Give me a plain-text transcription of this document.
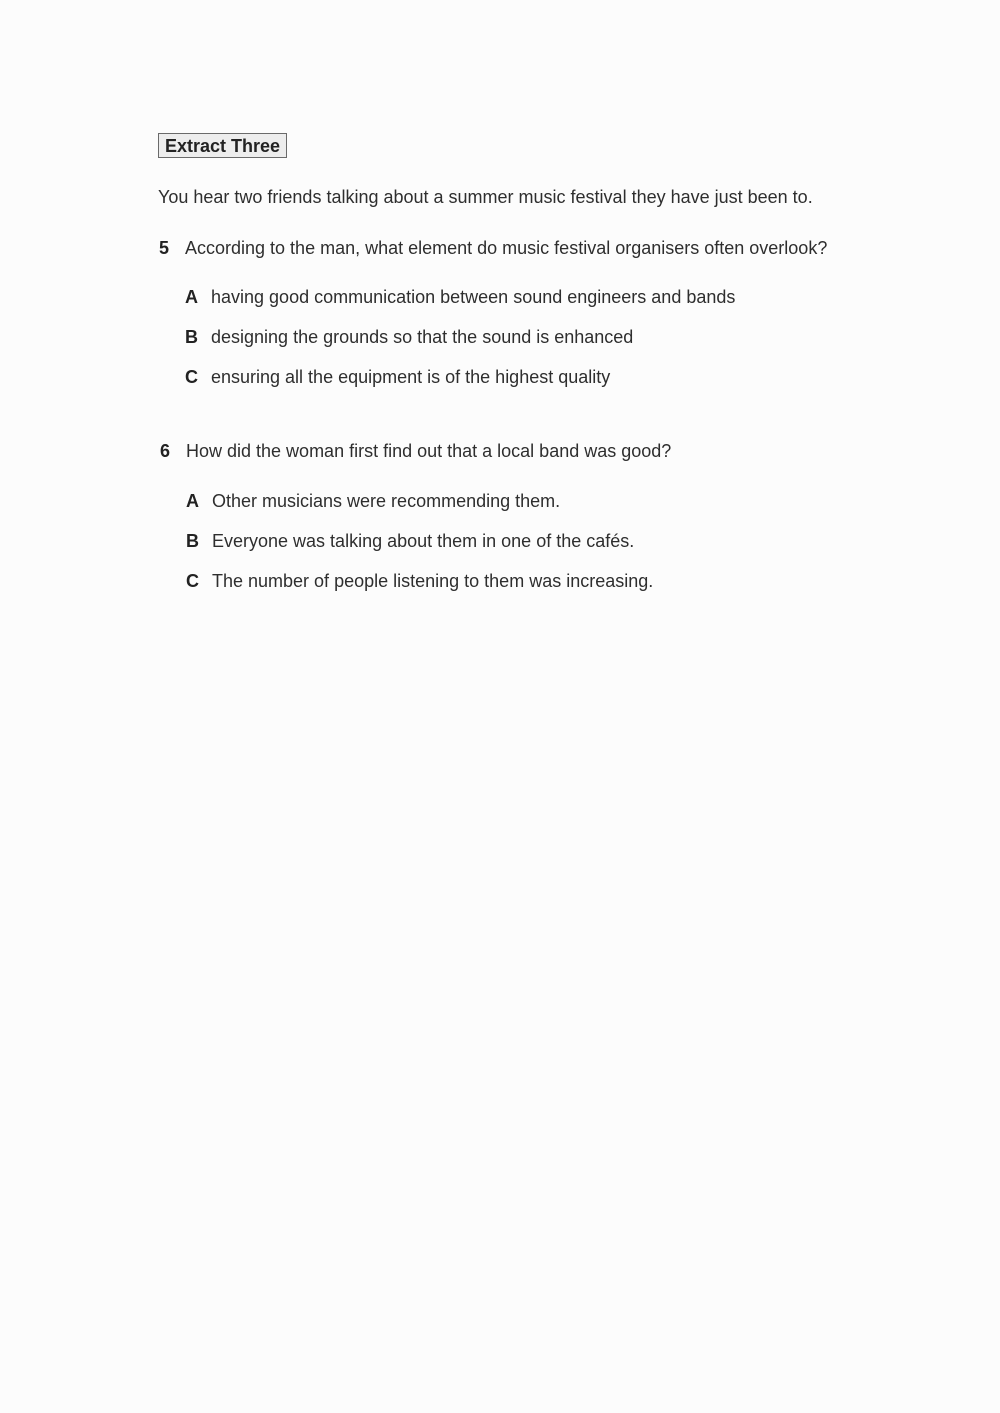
Extract Three
You hear two friends talking about a summer music festival they have just been to.
5 According to the man, what element do music festival organisers often overlook?
A having good communication between sound engineers and bands
B designing the grounds so that the sound is enhanced
C ensuring all the equipment is of the highest quality
6 How did the woman first find out that a local band was good?
A Other musicians were recommending them.
B Everyone was talking about them in one of the cafés.
C The number of people listening to them was increasing.
